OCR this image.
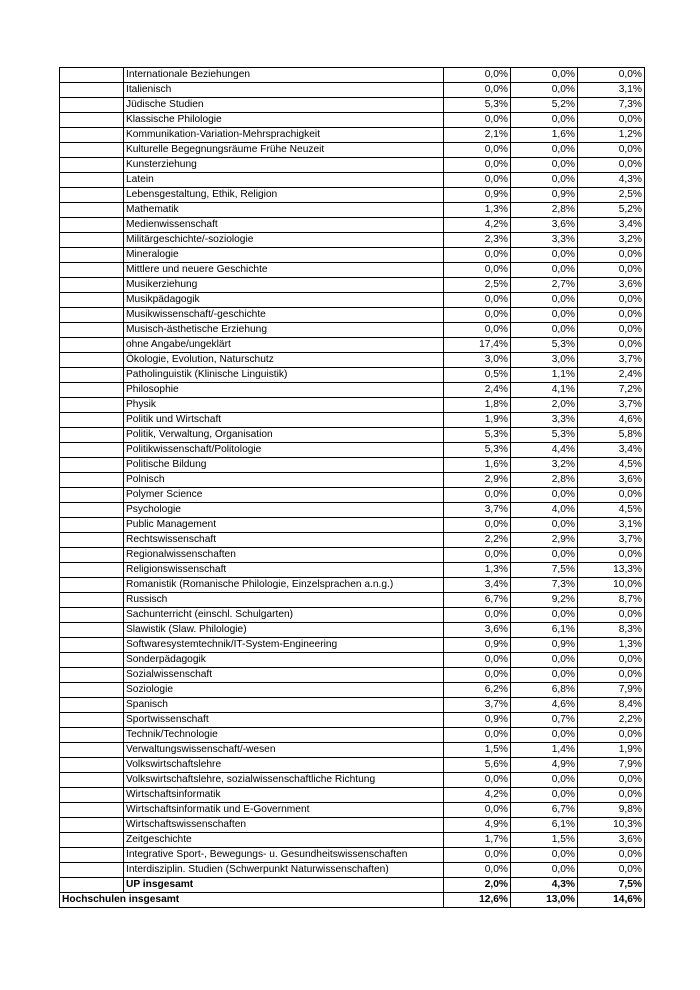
	Internationale Beziehungen	0,0%	0,0%	0,0%
	Italienisch	0,0%	0,0%	3,1%
	Jüdische Studien	5,3%	5,2%	7,3%
	Klassische Philologie	0,0%	0,0%	0,0%
	Kommunikation-Variation-Mehrsprachigkeit	2,1%	1,6%	1,2%
	Kulturelle Begegnungsräume Frühe Neuzeit	0,0%	0,0%	0,0%
	Kunsterziehung	0,0%	0,0%	0,0%
	Latein	0,0%	0,0%	4,3%
	Lebensgestaltung, Ethik, Religion	0,9%	0,9%	2,5%
	Mathematik	1,3%	2,8%	5,2%
	Medienwissenschaft	4,2%	3,6%	3,4%
	Militärgeschichte/-soziologie	2,3%	3,3%	3,2%
	Mineralogie	0,0%	0,0%	0,0%
	Mittlere und neuere Geschichte	0,0%	0,0%	0,0%
	Musikerziehung	2,5%	2,7%	3,6%
	Musikpädagogik	0,0%	0,0%	0,0%
	Musikwissenschaft/-geschichte	0,0%	0,0%	0,0%
	Musisch-ästhetische Erziehung	0,0%	0,0%	0,0%
	ohne Angabe/ungeklärt	17,4%	5,3%	0,0%
	Ökologie, Evolution, Naturschutz	3,0%	3,0%	3,7%
	Patholinguistik (Klinische Linguistik)	0,5%	1,1%	2,4%
	Philosophie	2,4%	4,1%	7,2%
	Physik	1,8%	2,0%	3,7%
	Politik und Wirtschaft	1,9%	3,3%	4,6%
	Politik, Verwaltung, Organisation	5,3%	5,3%	5,8%
	Politikwissenschaft/Politologie	5,3%	4,4%	3,4%
	Politische Bildung	1,6%	3,2%	4,5%
	Polnisch	2,9%	2,8%	3,6%
	Polymer Science	0,0%	0,0%	0,0%
	Psychologie	3,7%	4,0%	4,5%
	Public Management	0,0%	0,0%	3,1%
	Rechtswissenschaft	2,2%	2,9%	3,7%
	Regionalwissenschaften	0,0%	0,0%	0,0%
	Religionswissenschaft	1,3%	7,5%	13,3%
	Romanistik (Romanische Philologie, Einzelsprachen a.n.g.)	3,4%	7,3%	10,0%
	Russisch	6,7%	9,2%	8,7%
	Sachunterricht (einschl. Schulgarten)	0,0%	0,0%	0,0%
	Slawistik (Slaw. Philologie)	3,6%	6,1%	8,3%
	Softwaresystemtechnik/IT-System-Engineering	0,9%	0,9%	1,3%
	Sonderpädagogik	0,0%	0,0%	0,0%
	Sozialwissenschaft	0,0%	0,0%	0,0%
	Soziologie	6,2%	6,8%	7,9%
	Spanisch	3,7%	4,6%	8,4%
	Sportwissenschaft	0,9%	0,7%	2,2%
	Technik/Technologie	0,0%	0,0%	0,0%
	Verwaltungswissenschaft/-wesen	1,5%	1,4%	1,9%
	Volkswirtschaftslehre	5,6%	4,9%	7,9%
	Volkswirtschaftslehre, sozialwissenschaftliche Richtung	0,0%	0,0%	0,0%
	Wirtschaftsinformatik	4,2%	0,0%	0,0%
	Wirtschaftsinformatik und E-Government	0,0%	6,7%	9,8%
	Wirtschaftswissenschaften	4,9%	6,1%	10,3%
	Zeitgeschichte	1,7%	1,5%	3,6%
	Integrative Sport-, Bewegungs- u. Gesundheitswissenschaften	0,0%	0,0%	0,0%
	Interdisziplin. Studien (Schwerpunkt Naturwissenschaften)	0,0%	0,0%	0,0%
	UP insgesamt	2,0%	4,3%	7,5%
Hochschulen insgesamt		12,6%	13,0%	14,6%
